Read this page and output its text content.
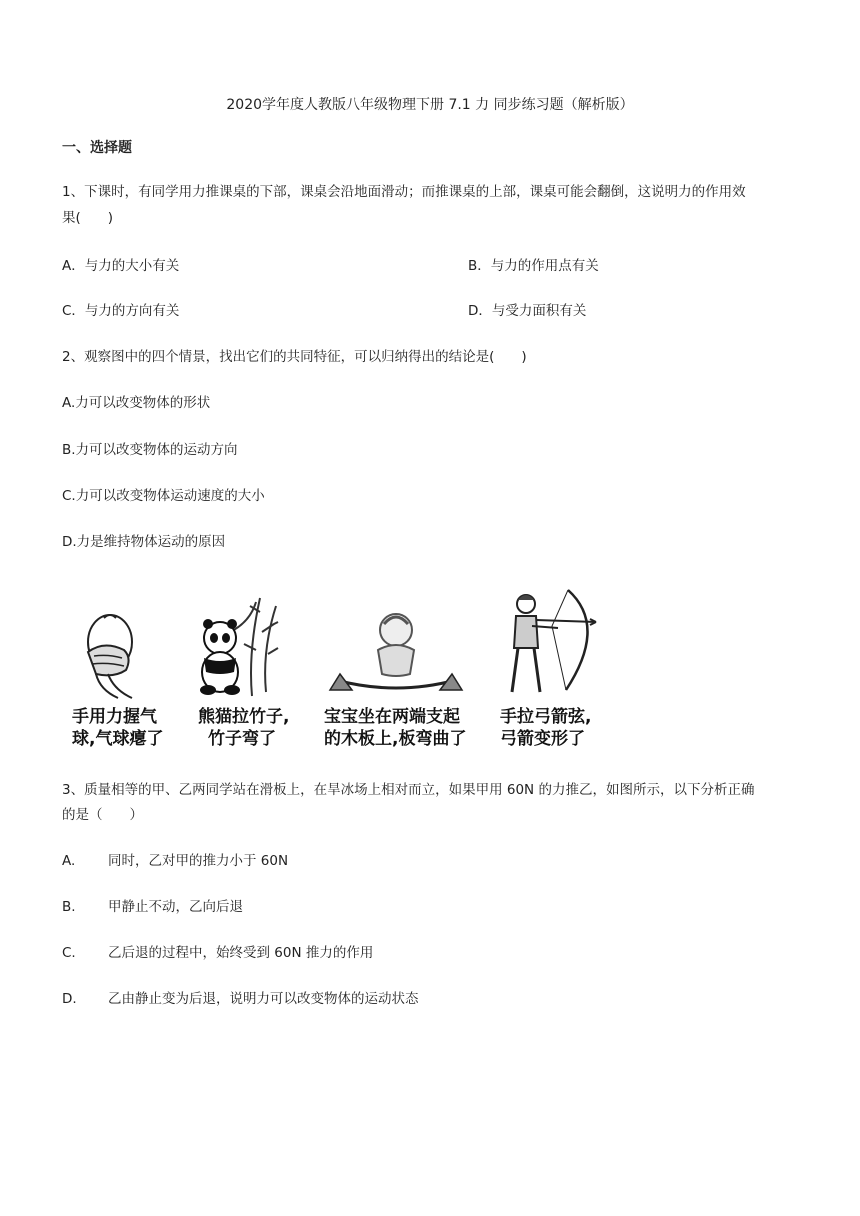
2020学年度人教版八年级物理下册 7.1 力 同步练习题（解析版）
一、选择题
1、下课时，有同学用力推课桌的下部，课桌会沿地面滑动；而推课桌的上部，课桌可能会翻倒，这说明力的作用效
果(　　)
A．与力的大小有关	B．与力的作用点有关
C．与力的方向有关	D．与受力面积有关
2、观察图中的四个情景，找出它们的共同特征，可以归纳得出的结论是(　　)
A.力可以改变物体的形状
B.力可以改变物体的运动方向
C.力可以改变物体运动速度的大小
D.力是维持物体运动的原因
手用力握气
球,气球瘪了
熊猫拉竹子,
竹子弯了
宝宝坐在两端支起
的木板上,板弯曲了
手拉弓箭弦,
弓箭变形了
3、质量相等的甲、乙两同学站在滑板上，在旱冰场上相对而立，如果甲用 60N 的力推乙，如图所示，以下分析正确
的是（　　）
A. 同时，乙对甲的推力小于 60N
B. 甲静止不动，乙向后退
C. 乙后退的过程中，始终受到 60N 推力的作用
D. 乙由静止变为后退，说明力可以改变物体的运动状态
